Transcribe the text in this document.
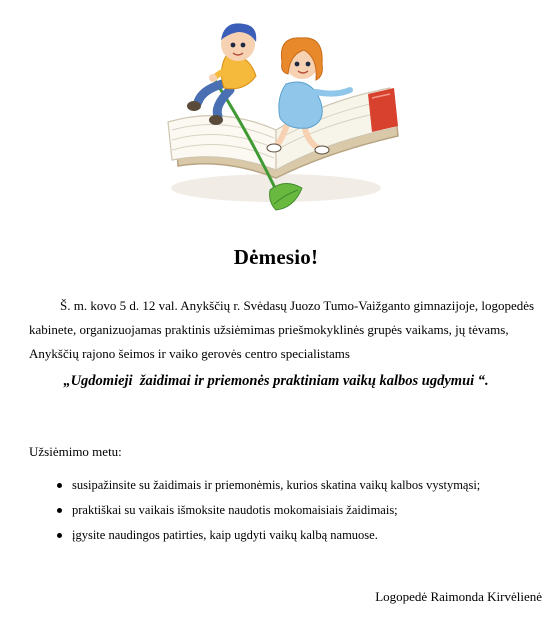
Dėmesio!
Š. m. kovo 5 d. 12 val. Anykščių r. Svėdasų Juozo Tumo-Vaižganto gimnazijoje, logopedės kabinete, organizuojamas praktinis užsiėmimas priešmokyklinės grupės vaikams, jų tėvams, Anykščių rajono šeimos ir vaiko gerovės centro specialistams
„Ugdomieji  žaidimai ir priemonės praktiniam vaikų kalbos ugdymui “.
Užsiėmimo metu:
susipažinsite su žaidimais ir priemonėmis, kurios skatina vaikų kalbos vystymąsi;
praktiškai su vaikais išmoksite naudotis mokomaisiais žaidimais;
įgysite naudingos patirties, kaip ugdyti vaikų kalbą namuose.
Logopedė Raimonda Kirvėlienė
